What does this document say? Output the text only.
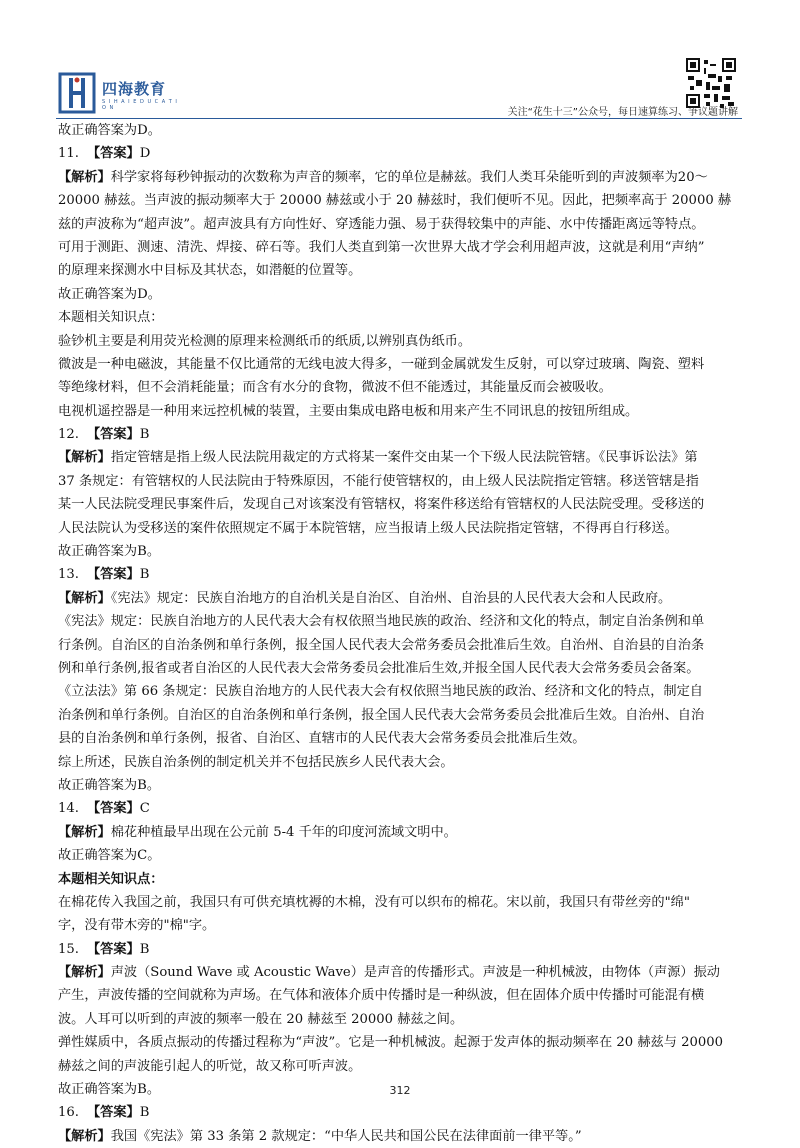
四海教育
S I H A I E D U C A T I O N	关注“花生十三”公众号，每日速算练习、争议题讲解
故正确答案为D。
11. 【答案】D
【解析】科学家将每秒钟振动的次数称为声音的频率，它的单位是赫兹。我们人类耳朵能听到的声波频率为20～
20000 赫兹。当声波的振动频率大于 20000 赫兹或小于 20 赫兹时，我们便听不见。因此，把频率高于 20000 赫
兹的声波称为“超声波”。超声波具有方向性好、穿透能力强、易于获得较集中的声能、水中传播距离远等特点。
可用于测距、测速、清洗、焊接、碎石等。我们人类直到第一次世界大战才学会利用超声波，这就是利用“声纳”
的原理来探测水中目标及其状态，如潜艇的位置等。
故正确答案为D。
本题相关知识点：
验钞机主要是利用荧光检测的原理来检测纸币的纸质,以辨别真伪纸币。
微波是一种电磁波，其能量不仅比通常的无线电波大得多，一碰到金属就发生反射，可以穿过玻璃、陶瓷、塑料
等绝缘材料，但不会消耗能量；而含有水分的食物，微波不但不能透过，其能量反而会被吸收。
电视机遥控器是一种用来远控机械的装置，主要由集成电路电板和用来产生不同讯息的按钮所组成。
12. 【答案】B
【解析】指定管辖是指上级人民法院用裁定的方式将某一案件交由某一个下级人民法院管辖。《民事诉讼法》第
37 条规定：有管辖权的人民法院由于特殊原因，不能行使管辖权的，由上级人民法院指定管辖。移送管辖是指
某一人民法院受理民事案件后，发现自己对该案没有管辖权，将案件移送给有管辖权的人民法院受理。受移送的
人民法院认为受移送的案件依照规定不属于本院管辖，应当报请上级人民法院指定管辖，不得再自行移送。
故正确答案为B。
13. 【答案】B
【解析】《宪法》规定：民族自治地方的自治机关是自治区、自治州、自治县的人民代表大会和人民政府。
《宪法》规定：民族自治地方的人民代表大会有权依照当地民族的政治、经济和文化的特点，制定自治条例和单
行条例。自治区的自治条例和单行条例，报全国人民代表大会常务委员会批准后生效。自治州、自治县的自治条
例和单行条例,报省或者自治区的人民代表大会常务委员会批准后生效,并报全国人民代表大会常务委员会备案。
《立法法》第 66 条规定：民族自治地方的人民代表大会有权依照当地民族的政治、经济和文化的特点，制定自
治条例和单行条例。自治区的自治条例和单行条例，报全国人民代表大会常务委员会批准后生效。自治州、自治
县的自治条例和单行条例，报省、自治区、直辖市的人民代表大会常务委员会批准后生效。
综上所述，民族自治条例的制定机关并不包括民族乡人民代表大会。
故正确答案为B。
14. 【答案】C
【解析】棉花种植最早出现在公元前 5-4 千年的印度河流域文明中。
故正确答案为C。
本题相关知识点：
在棉花传入我国之前，我国只有可供充填枕褥的木棉，没有可以织布的棉花。宋以前，我国只有带丝旁的"绵"
字，没有带木旁的"棉"字。
15. 【答案】B
【解析】声波（Sound Wave 或 Acoustic Wave）是声音的传播形式。声波是一种机械波，由物体（声源）振动
产生，声波传播的空间就称为声场。在气体和液体介质中传播时是一种纵波，但在固体介质中传播时可能混有横
波。人耳可以听到的声波的频率一般在 20 赫兹至 20000 赫兹之间。
弹性媒质中，各质点振动的传播过程称为“声波”。它是一种机械波。起源于发声体的振动频率在 20 赫兹与 20000
赫兹之间的声波能引起人的听觉，故又称可听声波。
故正确答案为B。
16. 【答案】B
【解析】我国《宪法》第 33 条第 2 款规定：“中华人民共和国公民在法律面前一律平等。”
312
